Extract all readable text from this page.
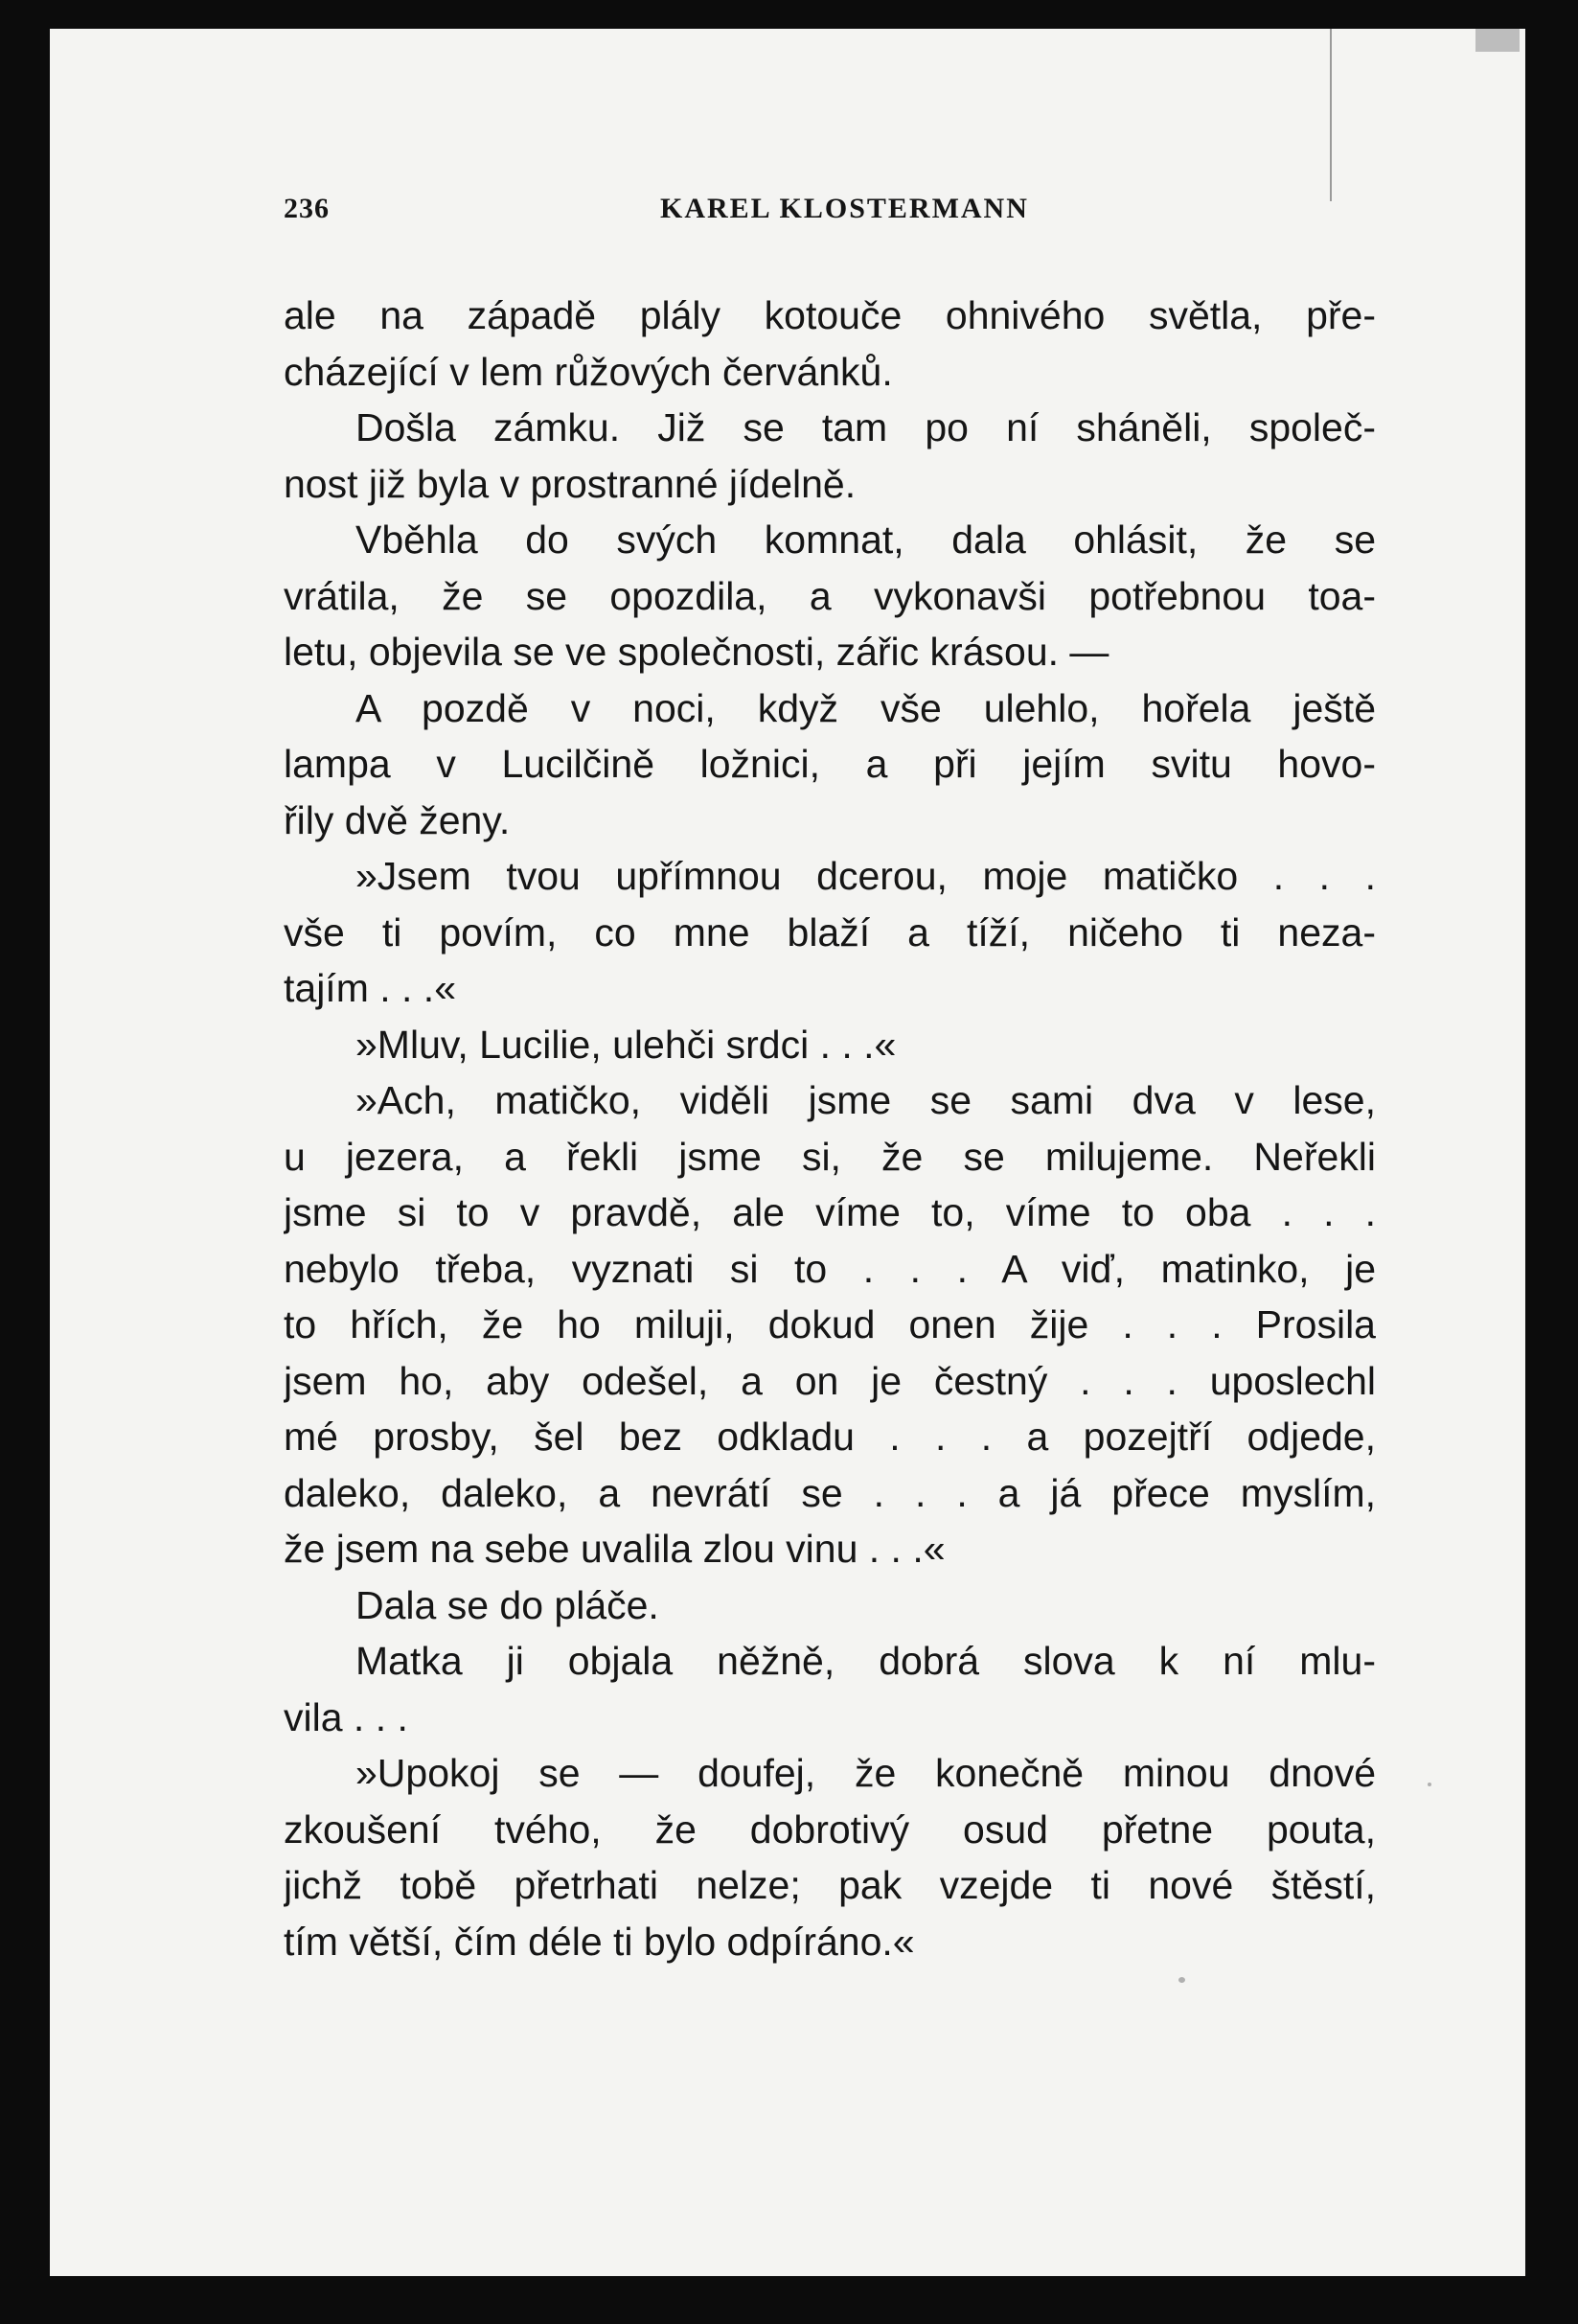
236	KAREL KLOSTERMANN
ale na západě plály kotouče ohnivého světla, pře-
cházející v lem růžových červánků.
Došla zámku. Již se tam po ní sháněli, společ-
nost již byla v prostranné jídelně.
Vběhla do svých komnat, dala ohlásit, že se
vrátila, že se opozdila, a vykonavši potřebnou toa-
letu, objevila se ve společnosti, zářic krásou. —
A pozdě v noci, když vše ulehlo, hořela ještě
lampa v Lucilčině ložnici, a při jejím svitu hovo-
řily dvě ženy.
»Jsem tvou upřímnou dcerou, moje matičko . . .
vše ti povím, co mne blaží a tíží, ničeho ti neza-
tajím . . .«
»Mluv, Lucilie, ulehči srdci . . .«
»Ach, matičko, viděli jsme se sami dva v lese,
u jezera, a řekli jsme si, že se milujeme. Neřekli
jsme si to v pravdě, ale víme to, víme to oba . . .
nebylo třeba, vyznati si to . . . A viď, matinko, je
to hřích, že ho miluji, dokud onen žije . . . Prosila
jsem ho, aby odešel, a on je čestný . . . uposlechl
mé prosby, šel bez odkladu . . . a pozejtří odjede,
daleko, daleko, a nevrátí se . . . a já přece myslím,
že jsem na sebe uvalila zlou vinu . . .«
Dala se do pláče.
Matka ji objala něžně, dobrá slova k ní mlu-
vila . . .
»Upokoj se — doufej, že konečně minou dnové
zkoušení tvého, že dobrotivý osud přetne pouta,
jichž tobě přetrhati nelze; pak vzejde ti nové štěstí,
tím větší, čím déle ti bylo odpíráno.«
